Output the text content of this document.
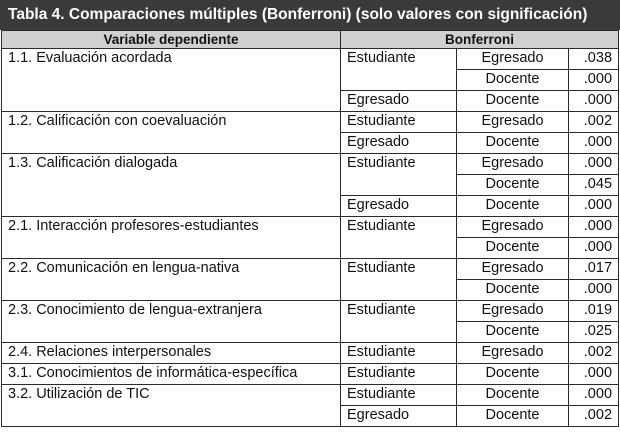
Tabla 4. Comparaciones múltiples (Bonferroni) (solo valores con significación)
Variable dependiente	Bonferroni		
1.1. Evaluación acordada	Estudiante	Egresado	.038
		Docente	.000
	Egresado	Docente	.000
1.2. Calificación con coevaluación	Estudiante	Egresado	.002
	Egresado	Docente	.000
1.3. Calificación dialogada	Estudiante	Egresado	.000
		Docente	.045
	Egresado	Docente	.000
2.1. Interacción profesores-estudiantes	Estudiante	Egresado	.000
		Docente	.000
2.2. Comunicación en lengua-nativa	Estudiante	Egresado	.017
		Docente	.000
2.3. Conocimiento de lengua-extranjera	Estudiante	Egresado	.019
		Docente	.025
2.4. Relaciones interpersonales	Estudiante	Egresado	.002
3.1. Conocimientos de informática-específica	Estudiante	Docente	.000
3.2. Utilización de TIC	Estudiante	Docente	.000
	Egresado	Docente	.002
